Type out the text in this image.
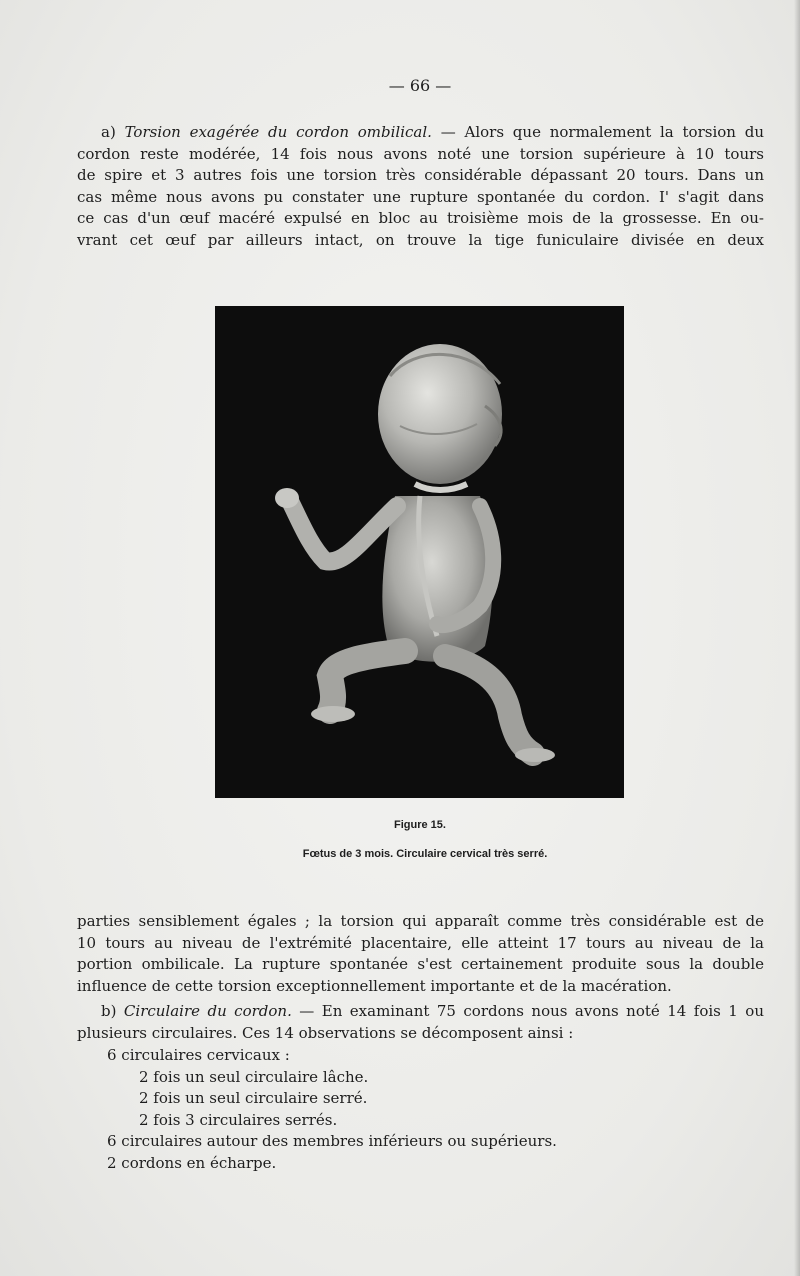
— 66 —
a) Torsion exagérée du cordon ombilical. — Alors que normalement la torsion du
cordon reste modérée, 14 fois nous avons noté une torsion supérieure à 10 tours
de spire et 3 autres fois une torsion très considérable dépassant 20 tours. Dans un
cas même nous avons pu constater une rupture spontanée du cordon. I' s'agit dans
ce cas d'un œuf macéré expulsé en bloc au troisième mois de la grossesse. En ou-
vrant cet œuf par ailleurs intact, on trouve la tige funiculaire divisée en deux
Figure 15.
Fœtus de 3 mois. Circulaire cervical très serré.
parties sensiblement égales ; la torsion qui apparaît comme très considérable est de
10 tours au niveau de l'extrémité placentaire, elle atteint 17 tours au niveau de la
portion ombilicale. La rupture spontanée s'est certainement produite sous la double
influence de cette torsion exceptionnellement importante et de la macération.
b) Circulaire du cordon. — En examinant 75 cordons nous avons noté 14 fois 1 ou
plusieurs circulaires. Ces 14 observations se décomposent ainsi :
6 circulaires cervicaux :
2 fois un seul circulaire lâche.
2 fois un seul circulaire serré.
2 fois 3 circulaires serrés.
6 circulaires autour des membres inférieurs ou supérieurs.
2 cordons en écharpe.
